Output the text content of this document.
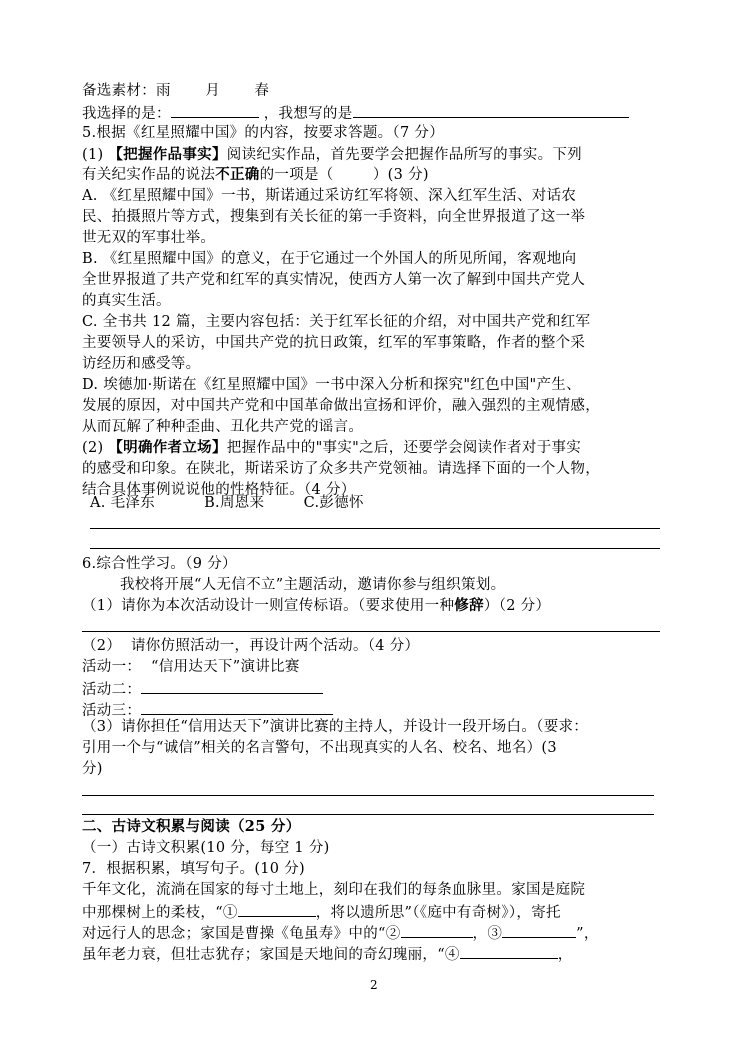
备选素材：雨 月 春
我选择的是：	，我想写的是
5.根据《红星照耀中国》的内容，按要求答题。（7 分）
(1) 【把握作品事实】阅读纪实作品，首先要学会把握作品所写的事实。下列
有关纪实作品的说法不正确的一项是（        ）(3 分)
A. 《红星照耀中国》一书，斯诺通过采访红军将领、深入红军生活、对话农
民、拍摄照片等方式，搜集到有关长征的第一手资料，向全世界报道了这一举
世无双的军事壮举。
B. 《红星照耀中国》的意义，在于它通过一个外国人的所见所闻，客观地向
全世界报道了共产党和红军的真实情况，使西方人第一次了解到中国共产党人
的真实生活。
C. 全书共 12 篇，主要内容包括：关于红军长征的介绍，对中国共产党和红军
主要领导人的采访，中国共产党的抗日政策，红军的军事策略，作者的整个采
访经历和感受等。
D. 埃德加·斯诺在《红星照耀中国》一书中深入分析和探究"红色中国"产生、
发展的原因，对中国共产党和中国革命做出宣扬和评价，融入强烈的主观情感，
从而瓦解了种种歪曲、丑化共产党的谣言。
(2) 【明确作者立场】把握作品中的"事实"之后，还要学会阅读作者对于事实
的感受和印象。在陕北，斯诺采访了众多共产党领袖。请选择下面的一个人物，
结合具体事例说说他的性格特征。（4 分）
A. 毛泽东	B.周恩来	C.彭德怀
6.综合性学习。（9 分）
我校将开展“人无信不立”主题活动，邀请你参与组织策划。
（1）请你为本次活动设计一则宣传标语。（要求使用一种修辞）（2 分）
（2）  请你仿照活动一，再设计两个活动。（4 分）
活动一：  “信用达天下”演讲比赛
活动二：
活动三：
（3）请你担任“信用达天下”演讲比赛的主持人，并设计一段开场白。（要求：
引用一个与“诚信”相关的名言警句，不出现真实的人名、校名、地名）(3
分)
二、古诗文积累与阅读（25 分）
（一）古诗文积累(10 分，每空 1 分)
7．根据积累，填写句子。(10 分)
千年文化，流淌在国家的每寸土地上，刻印在我们的每条血脉里。家国是庭院
中那棵树上的柔枝，“①	，将以遗所思”（《庭中有奇树》），寄托
对远行人的思念；家国是曹操《龟虽寿》中的“②	，③	”，
虽年老力衰，但壮志犹存；家国是天地间的奇幻瑰丽，“④	，
2
